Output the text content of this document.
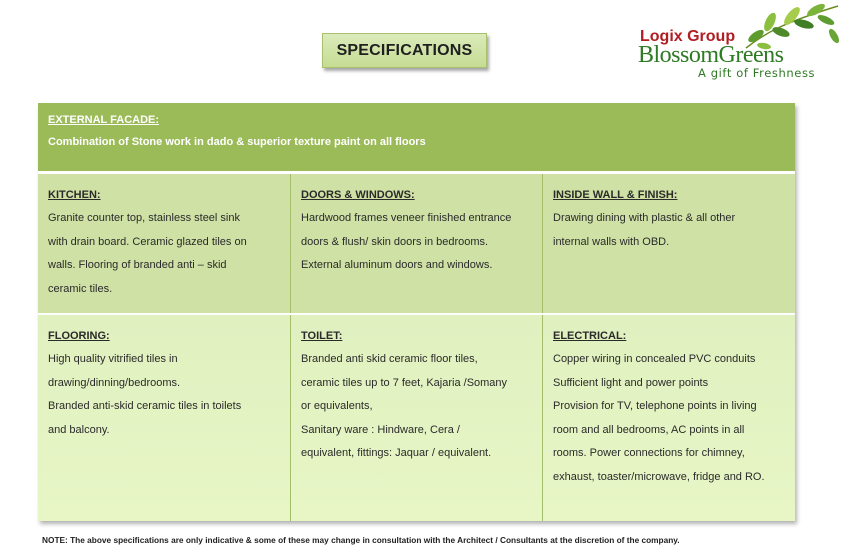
SPECIFICATIONS
Logix Group
BlossomGreens
A gift of Freshness
EXTERNAL FACADE:
Combination of Stone work in dado & superior texture paint on all floors
KITCHEN:
Granite counter top, stainless steel sink
with drain board. Ceramic glazed tiles on
walls. Flooring of branded anti – skid
ceramic tiles.
DOORS & WINDOWS:
Hardwood frames veneer finished entrance
doors & flush/ skin doors in bedrooms.
External aluminum doors and windows.
INSIDE WALL & FINISH:
Drawing dining with plastic & all other
internal walls with OBD.
FLOORING:
High quality vitrified tiles in
drawing/dinning/bedrooms.
Branded anti-skid ceramic tiles in toilets
and balcony.
TOILET:
Branded anti skid ceramic floor tiles,
ceramic tiles up to 7 feet, Kajaria /Somany
or equivalents,
Sanitary ware : Hindware, Cera /
equivalent, fittings: Jaquar / equivalent.
ELECTRICAL:
Copper wiring in concealed PVC conduits
Sufficient light and power points
Provision for TV, telephone points in living
room and all bedrooms, AC points in all
rooms. Power connections for chimney,
exhaust, toaster/microwave, fridge and RO.
NOTE: The above specifications are only indicative & some of these may change in consultation with the Architect / Consultants at the discretion of the company.
